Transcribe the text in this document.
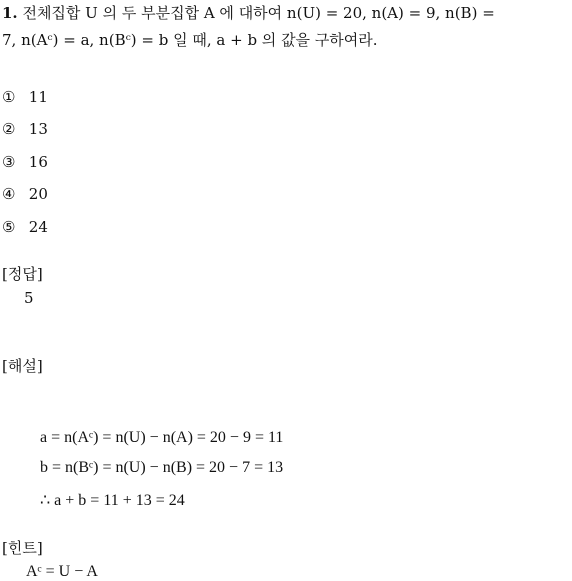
1. 전체집합 U 의 두 부분집합 A 에 대하여 n(U) = 20, n(A) = 9, n(B) =
7, n(Aᶜ) = a, n(Bᶜ) = b 일 때, a + b 의 값을 구하여라.
① 11
② 13
③ 16
④ 20
⑤ 24
[정답]
5
[해설]
a = n(Aᶜ) = n(U) − n(A) = 20 − 9 = 11
b = n(Bᶜ) = n(U) − n(B) = 20 − 7 = 13
∴ a + b = 11 + 13 = 24
[힌트]
Aᶜ = U − A
